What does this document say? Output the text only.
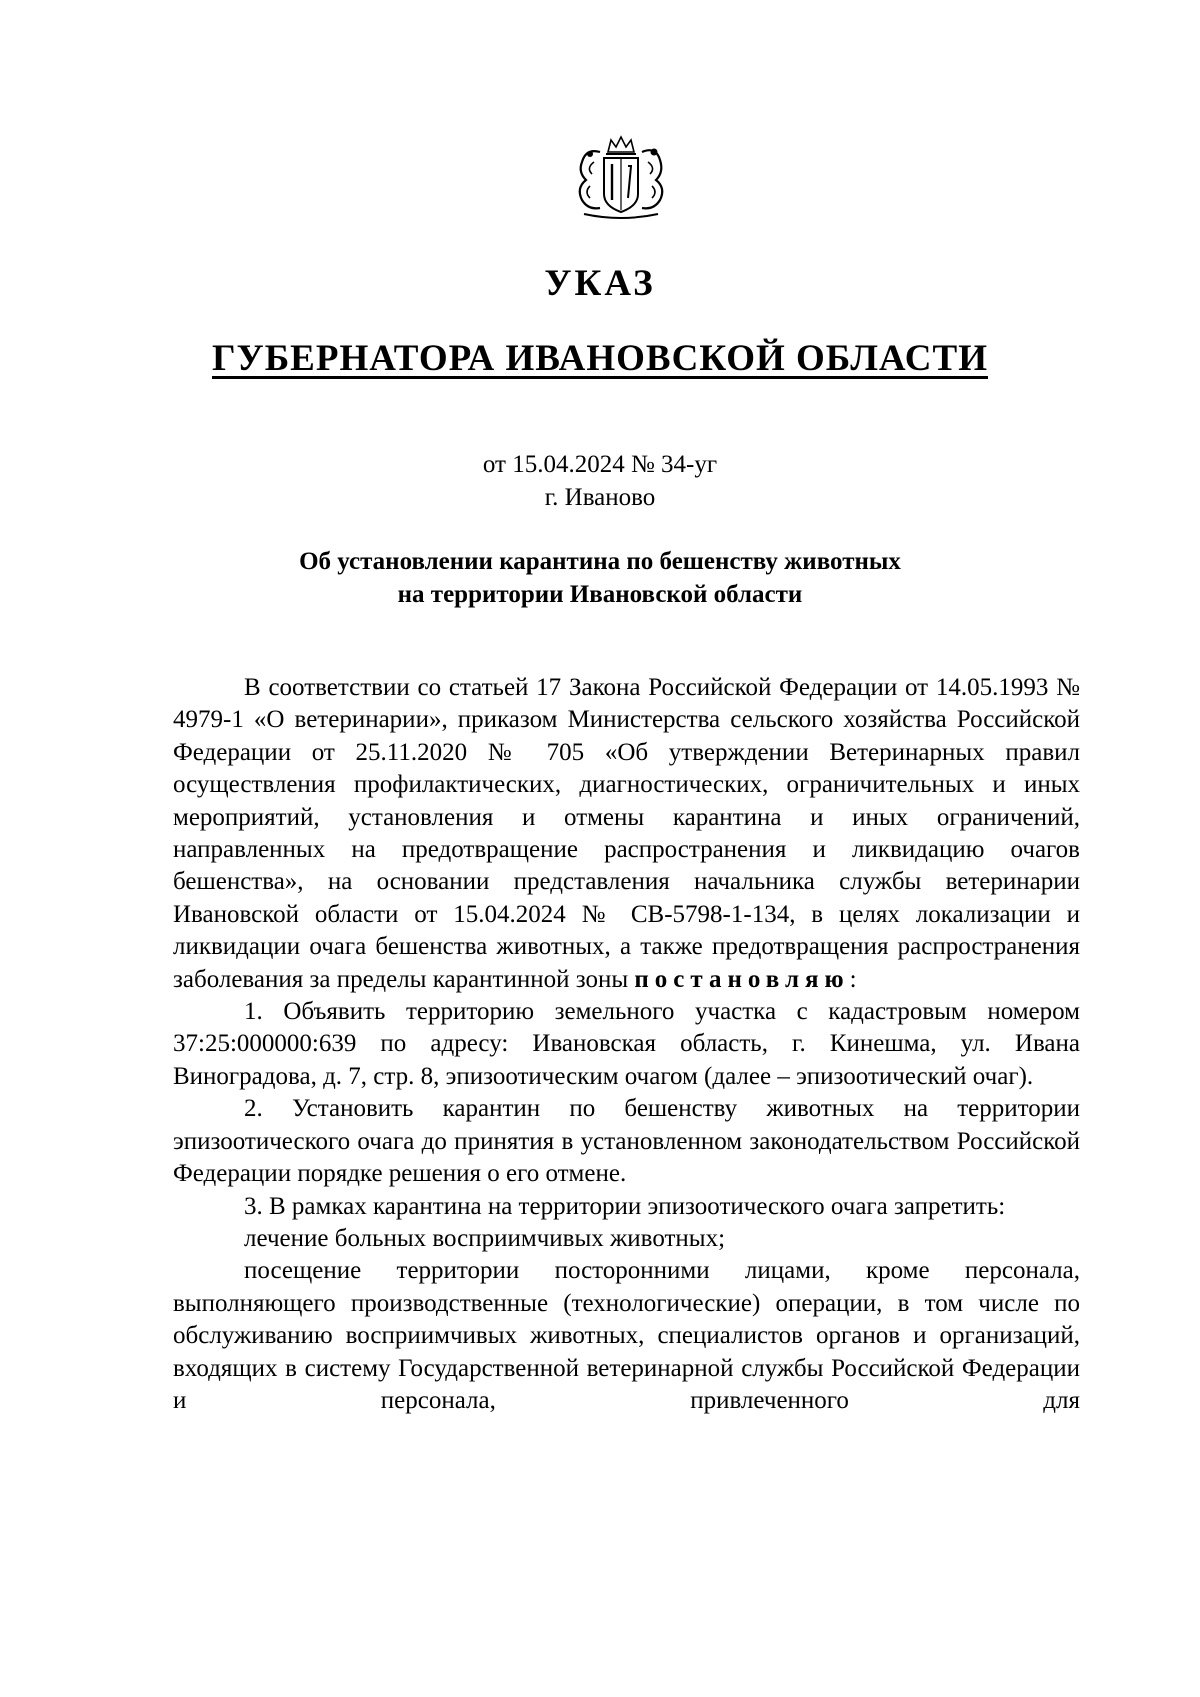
УКАЗ
ГУБЕРНАТОРА ИВАНОВСКОЙ ОБЛАСТИ
от 15.04.2024 № 34-уг
г. Иваново
Об установлении карантина по бешенству животных
на территории Ивановской области

В соответствии со статьей 17 Закона Российской Федерации от 14.05.1993 № 4979-1 «О ветеринарии», приказом Министерства сельского хозяйства Российской Федерации от 25.11.2020 № 705 «Об утверждении Ветеринарных правил осуществления профилактических, диагностических, ограничительных и иных мероприятий, установления и отмены карантина и иных ограничений, направленных на предотвращение распространения и ликвидацию очагов бешенства», на основании представления начальника службы ветеринарии Ивановской области от 15.04.2024 № СВ-5798-1-134, в целях локализации и ликвидации очага бешенства животных, а также предотвращения распространения заболевания за пределы карантинной зоны постановляю:

1. Объявить территорию земельного участка с кадастровым номером 37:25:000000:639 по адресу: Ивановская область, г. Кинешма, ул. Ивана Виноградова, д. 7, стр. 8, эпизоотическим очагом (далее – эпизоотический очаг).

2. Установить карантин по бешенству животных на территории эпизоотического очага до принятия в установленном законодательством Российской Федерации порядке решения о его отмене.

3. В рамках карантина на территории эпизоотического очага запретить:

лечение больных восприимчивых животных;

посещение территории посторонними лицами, кроме персонала, выполняющего производственные (технологические) операции, в том числе по обслуживанию восприимчивых животных, специалистов органов и организаций, входящих в систему Государственной ветеринарной службы Российской Федерации и персонала, привлеченного для
